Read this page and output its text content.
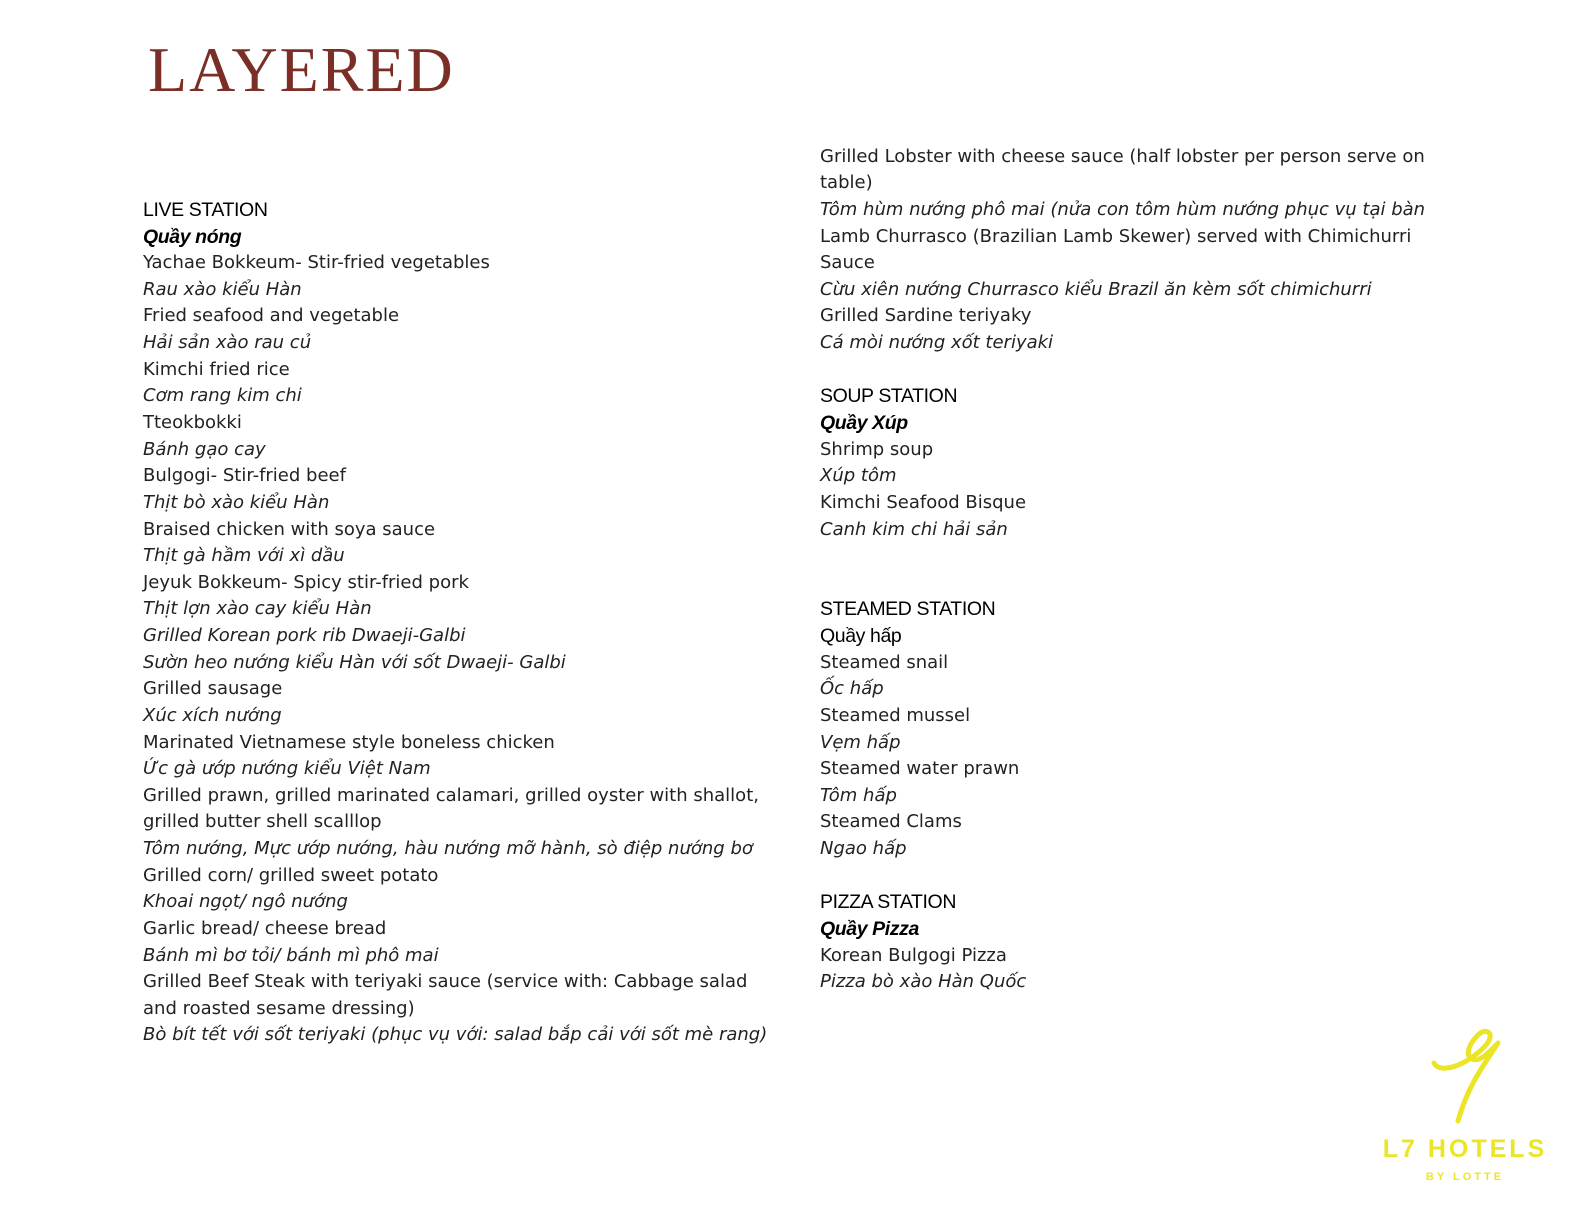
LAYERED
LIVE STATION
Quầy nóng
Yachae Bokkeum- Stir-fried vegetables
Rau xào kiểu Hàn
Fried seafood and vegetable
Hải sản xào rau củ
Kimchi fried rice
Cơm rang kim chi
Tteokbokki
Bánh gạo cay
Bulgogi- Stir-fried beef
Thịt bò xào kiểu Hàn
Braised chicken with soya sauce
Thịt gà hầm với xì dầu
Jeyuk Bokkeum- Spicy stir-fried pork
Thịt lợn xào cay kiểu Hàn
Grilled Korean pork rib Dwaeji-Galbi
Sườn heo nướng kiểu Hàn với sốt Dwaeji- Galbi
Grilled sausage
Xúc xích nướng
Marinated Vietnamese style boneless chicken
Ức gà ướp nướng kiểu Việt Nam
Grilled prawn, grilled marinated calamari, grilled oyster with shallot,
grilled butter shell scalllop
Tôm nướng, Mực ướp nướng, hàu nướng mỡ hành, sò điệp nướng bơ
Grilled corn/ grilled sweet potato
Khoai ngọt/ ngô nướng
Garlic bread/ cheese bread
Bánh mì bơ tỏi/ bánh mì phô mai
Grilled Beef Steak with teriyaki sauce (service with: Cabbage salad
and roasted sesame dressing)
Bò bít tết với sốt teriyaki (phục vụ với: salad bắp cải với sốt mè rang)
Grilled Lobster with cheese sauce (half lobster per person serve on
table)
Tôm hùm nướng phô mai (nửa con tôm hùm nướng phục vụ tại bàn
Lamb Churrasco (Brazilian Lamb Skewer) served with Chimichurri
Sauce
Cừu xiên nướng Churrasco kiểu Brazil ăn kèm sốt chimichurri
Grilled Sardine teriyaky
Cá mòi nướng xốt teriyaki
SOUP STATION
Quầy Xúp
Shrimp soup
Xúp tôm
Kimchi Seafood Bisque
Canh kim chi hải sản
STEAMED STATION
Quầy hấp
Steamed snail
Ốc hấp
Steamed mussel
Vẹm hấp
Steamed water prawn
Tôm hấp
Steamed Clams
Ngao hấp
PIZZA STATION
Quầy Pizza
Korean Bulgogi Pizza
Pizza bò xào Hàn Quốc
L7 HOTELS
BY LOTTE
